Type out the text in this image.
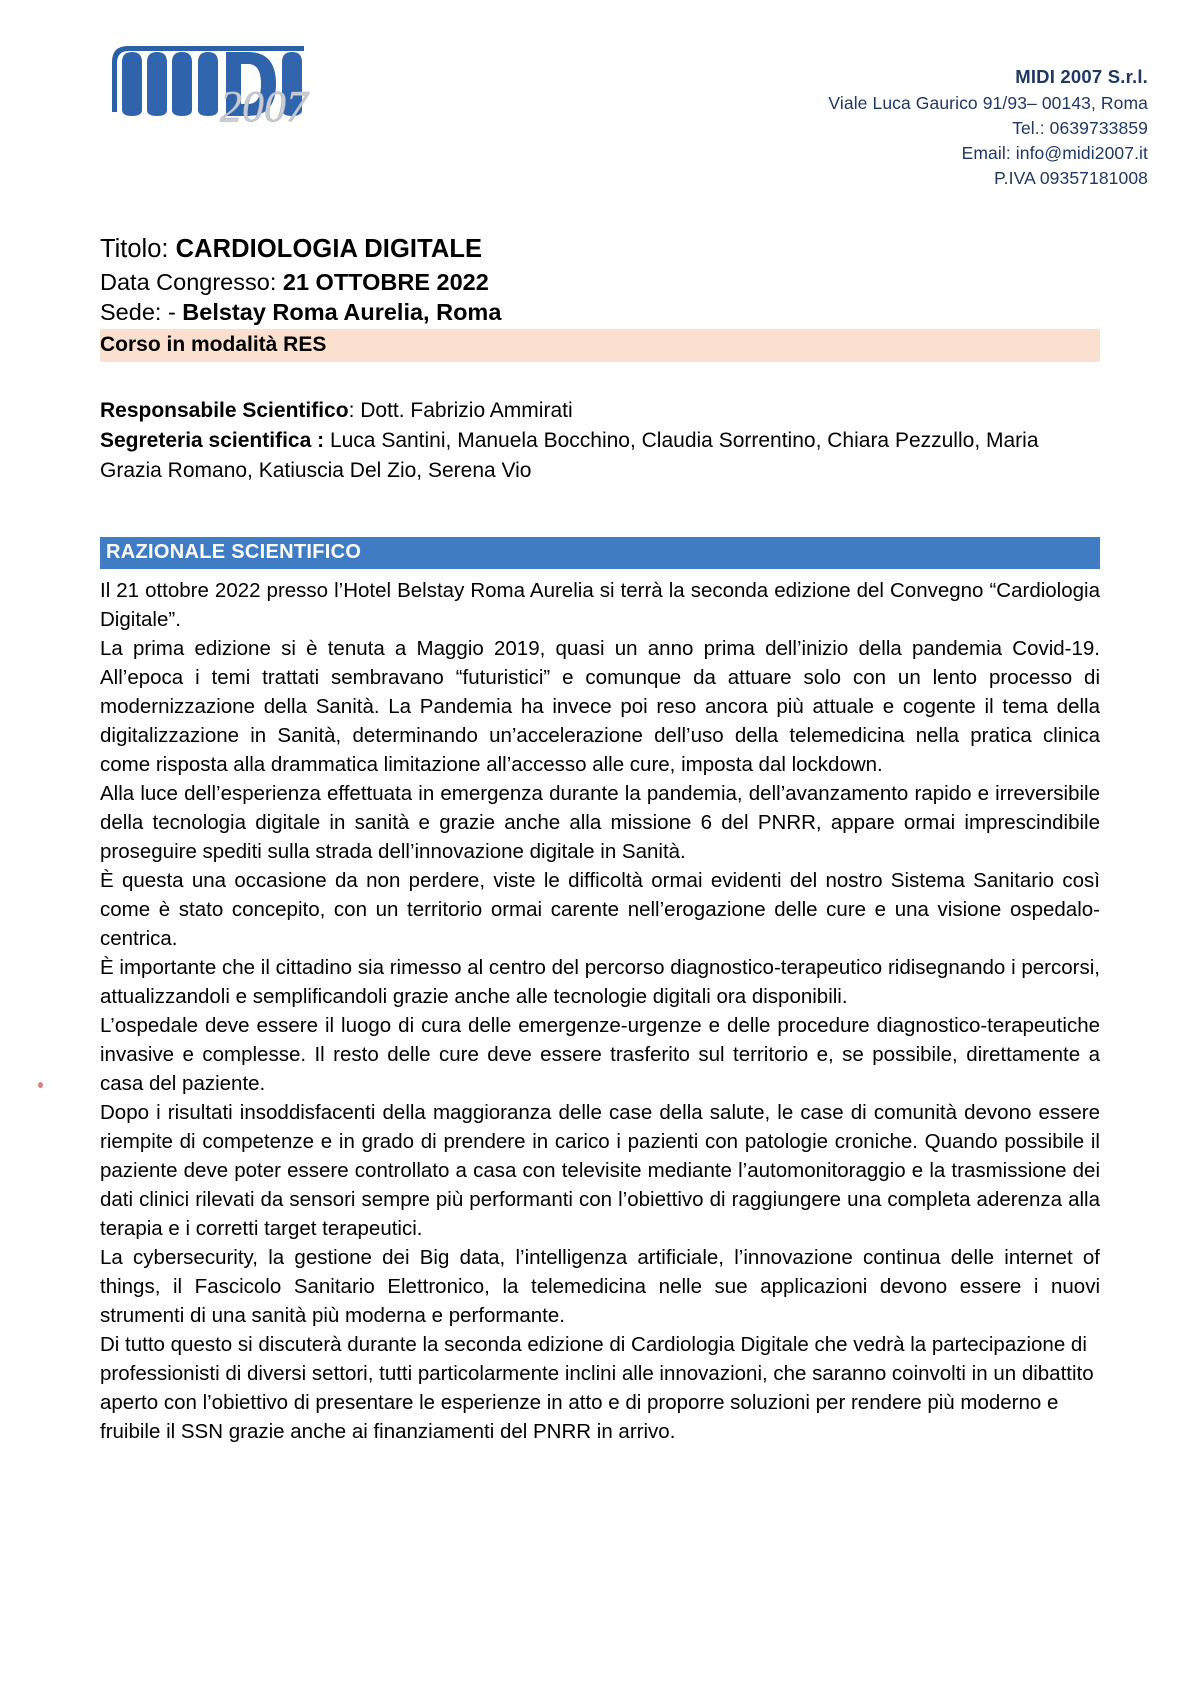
2007
MIDI 2007 S.r.l.
Viale Luca Gaurico 91/93– 00143, Roma
Tel.: 0639733859
Email: info@midi2007.it
P.IVA 09357181008
Titolo: CARDIOLOGIA DIGITALE
Data Congresso: 21 OTTOBRE 2022
Sede: - Belstay Roma Aurelia, Roma
Corso in modalità RES
Responsabile Scientifico: Dott. Fabrizio Ammirati
Segreteria scientifica : Luca Santini, Manuela Bocchino, Claudia Sorrentino, Chiara Pezzullo, Maria Grazia Romano, Katiuscia Del Zio, Serena Vio
RAZIONALE SCIENTIFICO

Il 21 ottobre 2022 presso l’Hotel Belstay Roma Aurelia si terrà la seconda edizione del Convegno “Cardiologia Digitale”.

La prima edizione si è tenuta a Maggio 2019, quasi un anno prima dell’inizio della pandemia Covid-19. All’epoca i temi trattati sembravano “futuristici” e comunque da attuare solo con un lento processo di modernizzazione della Sanità. La Pandemia ha invece poi reso ancora più attuale e cogente il tema della digitalizzazione in Sanità, determinando un’accelerazione dell’uso della telemedicina nella pratica clinica come risposta alla drammatica limitazione all’accesso alle cure, imposta dal lockdown.

Alla luce dell’esperienza effettuata in emergenza durante la pandemia, dell’avanzamento rapido e irreversibile della tecnologia digitale in sanità e grazie anche alla missione 6 del PNRR, appare ormai imprescindibile proseguire spediti sulla strada dell’innovazione digitale in Sanità.

È questa una occasione da non perdere, viste le difficoltà ormai evidenti del nostro Sistema Sanitario così come è stato concepito, con un territorio ormai carente nell’erogazione delle cure e una visione ospedalo-centrica.

È importante che il cittadino sia rimesso al centro del percorso diagnostico-terapeutico ridisegnando i percorsi, attualizzandoli e semplificandoli grazie anche alle tecnologie digitali ora disponibili.

L’ospedale deve essere il luogo di cura delle emergenze-urgenze e delle procedure diagnostico-terapeutiche invasive e complesse. Il resto delle cure deve essere trasferito sul territorio e, se possibile, direttamente a casa del paziente.

Dopo i risultati insoddisfacenti della maggioranza delle case della salute, le case di comunità devono essere riempite di competenze e in grado di prendere in carico i pazienti con patologie croniche. Quando possibile il paziente deve poter essere controllato a casa con televisite mediante l’automonitoraggio e la trasmissione dei dati clinici rilevati da sensori sempre più performanti con l’obiettivo di raggiungere una completa aderenza alla terapia e i corretti target terapeutici.

La cybersecurity, la gestione dei Big data, l’intelligenza artificiale, l’innovazione continua delle internet of things, il Fascicolo Sanitario Elettronico, la telemedicina nelle sue applicazioni devono essere i nuovi strumenti di una sanità più moderna e performante.

Di tutto questo si discuterà durante la seconda edizione di Cardiologia Digitale che vedrà la partecipazione di professionisti di diversi settori, tutti particolarmente inclini alle innovazioni, che saranno coinvolti in un dibattito aperto con l’obiettivo di presentare le esperienze in atto e di proporre soluzioni per rendere più moderno e fruibile il SSN grazie anche ai finanziamenti del PNRR in arrivo.
